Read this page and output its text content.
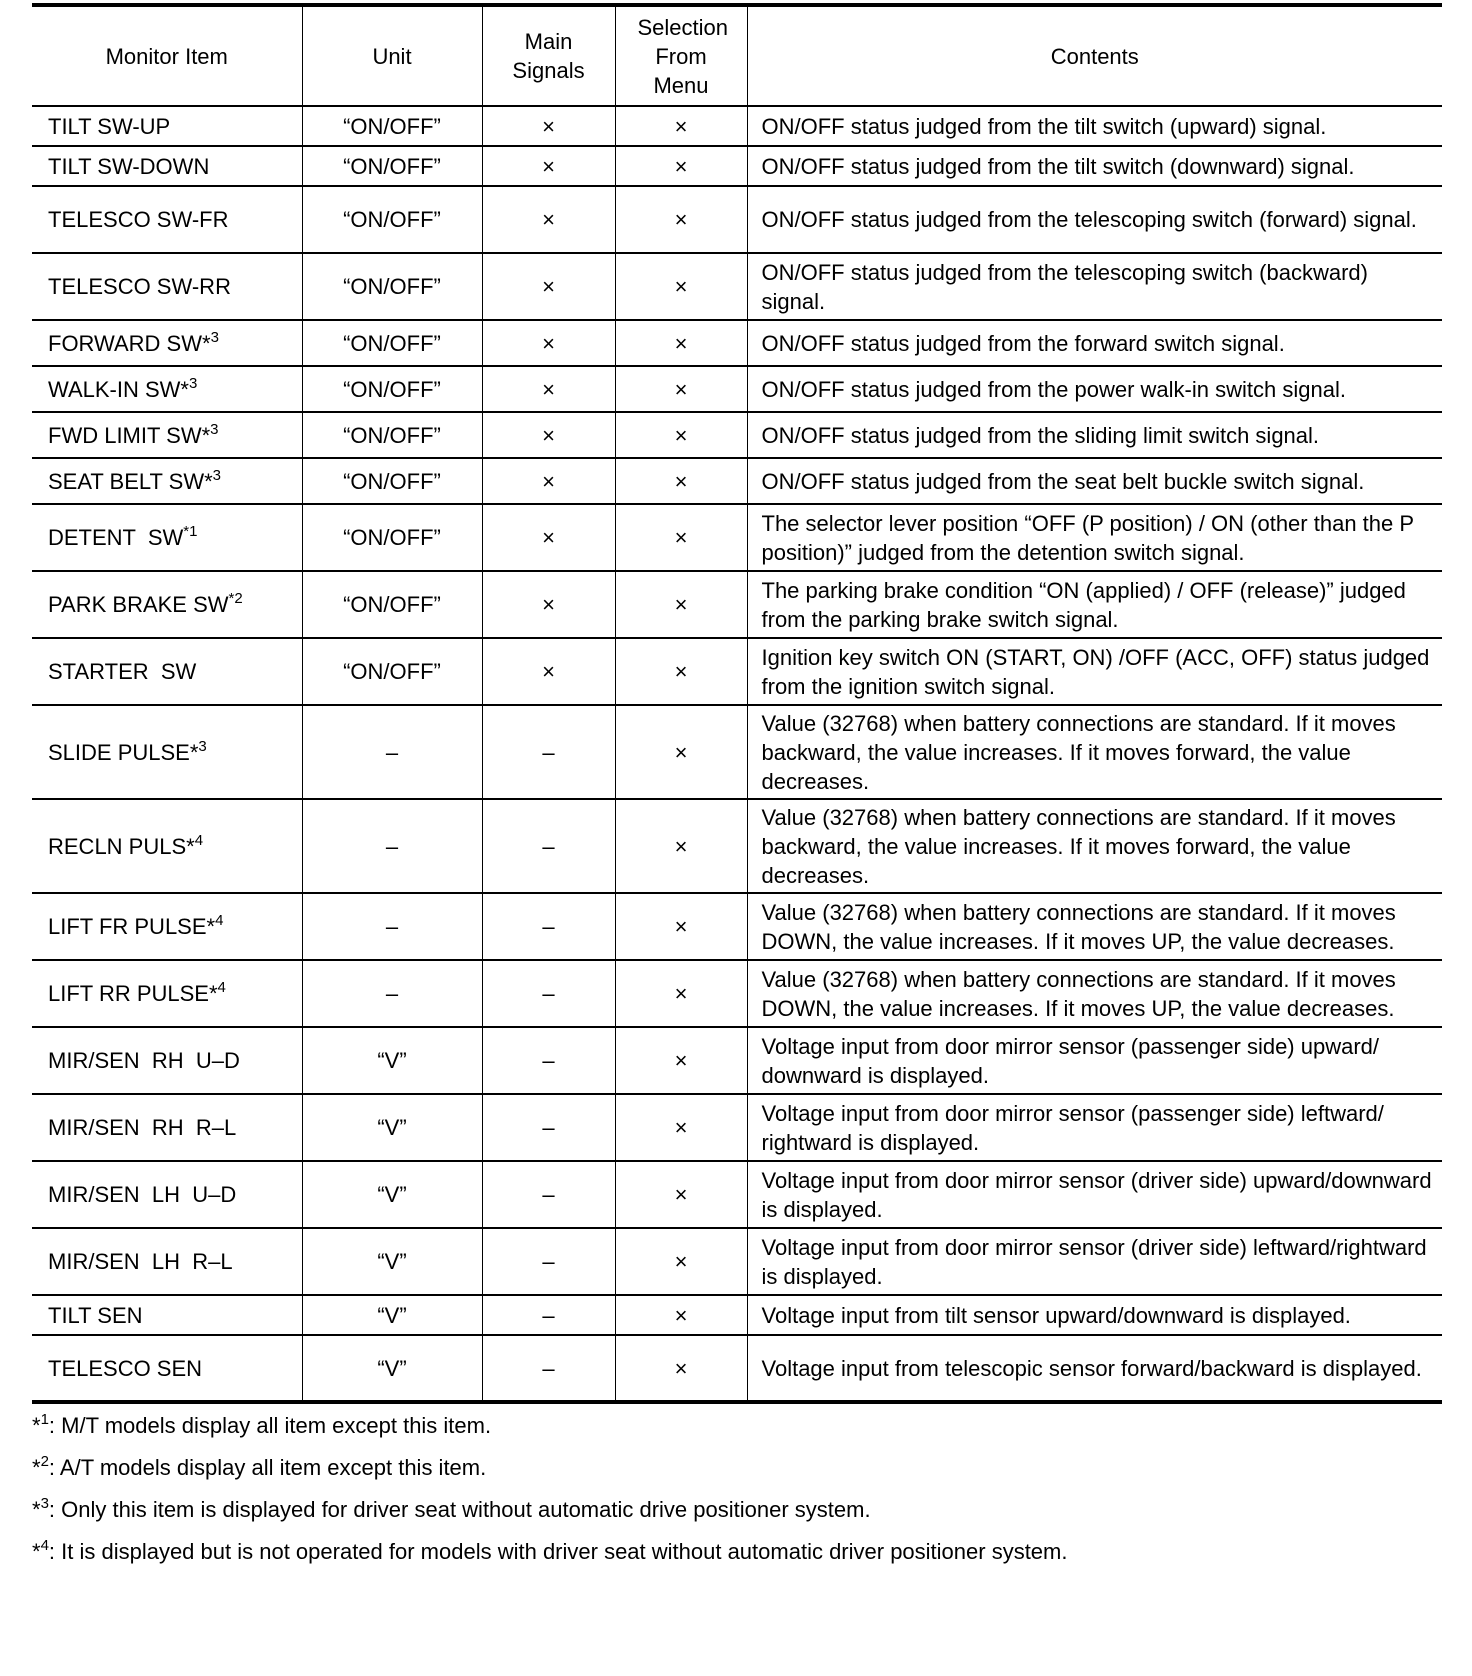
Monitor Item	Unit	Main Signals	Selection From Menu	Contents
TILT SW-UP	“ON/OFF”	×	×	ON/OFF status judged from the tilt switch (upward) signal.
TILT SW-DOWN	“ON/OFF”	×	×	ON/OFF status judged from the tilt switch (downward) signal.
TELESCO SW-FR	“ON/OFF”	×	×	ON/OFF status judged from the telescoping switch (forward) signal.
TELESCO SW-RR	“ON/OFF”	×	×	ON/OFF status judged from the telescoping switch (backward) signal.
FORWARD SW*$^3$	“ON/OFF”	×	×	ON/OFF status judged from the forward switch signal.
WALK-IN SW*$^3$	“ON/OFF”	×	×	ON/OFF status judged from the power walk-in switch signal.
FWD LIMIT SW*$^3$	“ON/OFF”	×	×	ON/OFF status judged from the sliding limit switch signal.
SEAT BELT SW*$^3$	“ON/OFF”	×	×	ON/OFF status judged from the seat belt buckle switch signal.
DETENT  SW$^{*1}$	“ON/OFF”	×	×	The selector lever position “OFF (P position) / ON (other than the P position)” judged from the detention switch signal.
PARK BRAKE SW$^{*2}$	“ON/OFF”	×	×	The parking brake condition “ON (applied) / OFF (release)” judged from the parking brake switch signal.
STARTER  SW	“ON/OFF”	×	×	Ignition key switch ON (START, ON) /OFF (ACC, OFF) status judged from the ignition switch signal.
SLIDE PULSE*$^3$	–	–	×	Value (32768) when battery connections are standard. If it moves backward, the value increases. If it moves forward, the value decreases.
RECLN PULS*$^4$	–	–	×	Value (32768) when battery connections are standard. If it moves backward, the value increases. If it moves forward, the value decreases.
LIFT FR PULSE*$^4$	–	–	×	Value (32768) when battery connections are standard. If it moves DOWN, the value increases. If it moves UP, the value decreases.
LIFT RR PULSE*$^4$	–	–	×	Value (32768) when battery connections are standard. If it moves DOWN, the value increases. If it moves UP, the value decreases.
MIR/SEN  RH  U–D	“V”	–	×	Voltage input from door mirror sensor (passenger side) upward/ downward is displayed.
MIR/SEN  RH  R–L	“V”	–	×	Voltage input from door mirror sensor (passenger side) leftward/ rightward is displayed.
MIR/SEN  LH  U–D	“V”	–	×	Voltage input from door mirror sensor (driver side) upward/downward is displayed.
MIR/SEN  LH  R–L	“V”	–	×	Voltage input from door mirror sensor (driver side) leftward/rightward is displayed.
TILT SEN	“V”	–	×	Voltage input from tilt sensor upward/downward is displayed.
TELESCO SEN	“V”	–	×	Voltage input from telescopic sensor forward/backward is displayed.
*$^1$: M/T models display all item except this item.
*$^2$: A/T models display all item except this item.
*$^3$: Only this item is displayed for driver seat without automatic drive positioner system.
*$^4$: It is displayed but is not operated for models with driver seat without automatic driver positioner system.
